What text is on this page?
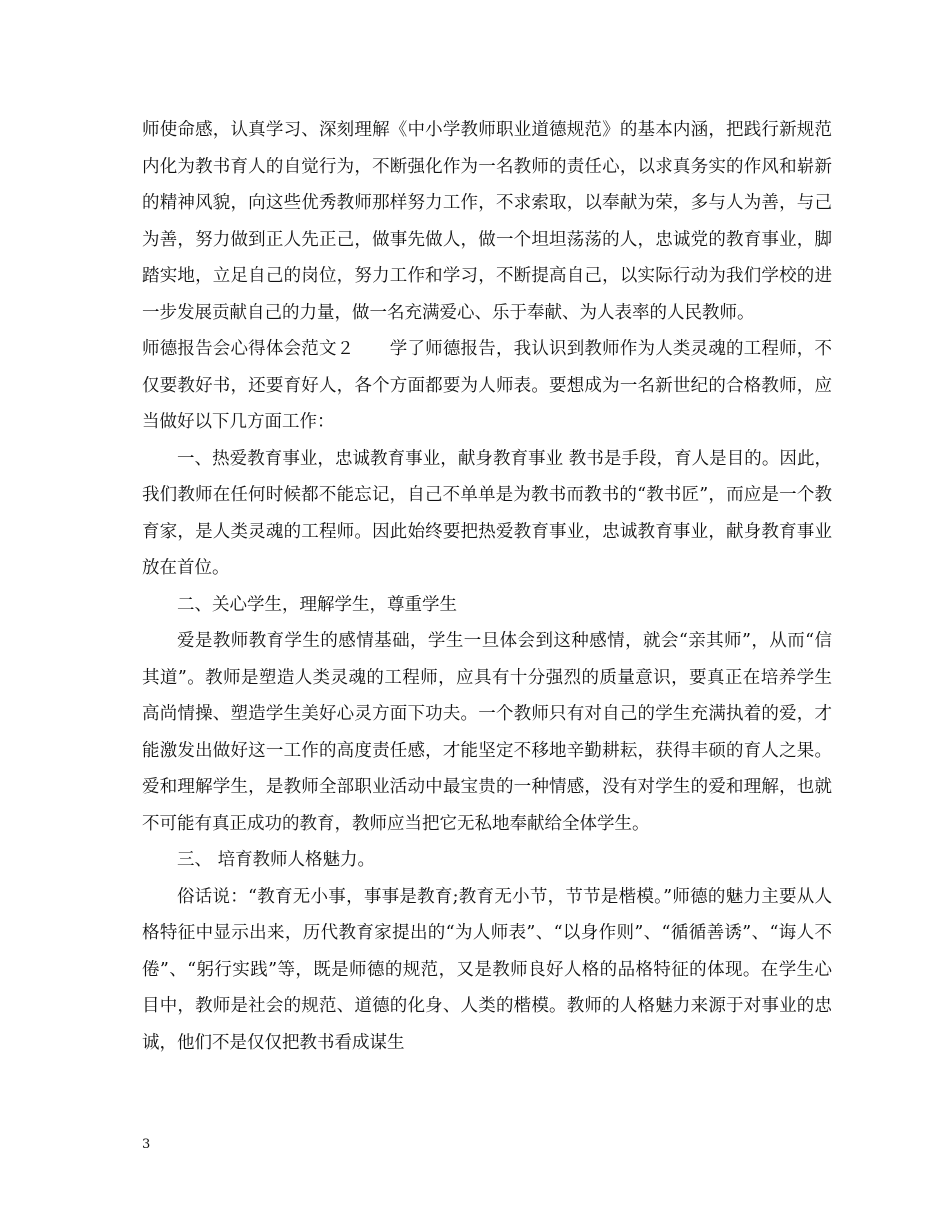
师使命感，认真学习、深刻理解《中小学教师职业道德规范》的基本内涵，把践行新规范内化为教书育人的自觉行为，不断强化作为一名教师的责任心，以求真务实的作风和崭新的精神风貌，向这些优秀教师那样努力工作，不求索取，以奉献为荣，多与人为善，与己为善，努力做到正人先正己，做事先做人，做一个坦坦荡荡的人，忠诚党的教育事业，脚踏实地，立足自己的岗位，努力工作和学习，不断提高自己，以实际行动为我们学校的进一步发展贡献自己的力量，做一名充满爱心、乐于奉献、为人表率的人民教师。

师德报告会心得体会范文２　　学了师德报告，我认识到教师作为人类灵魂的工程师，不仅要教好书，还要育好人，各个方面都要为人师表。要想成为一名新世纪的合格教师，应当做好以下几方面工作：

一、热爱教育事业，忠诚教育事业，献身教育事业 教书是手段，育人是目的。因此，我们教师在任何时候都不能忘记，自己不单单是为教书而教书的“教书匠”，而应是一个教育家，是人类灵魂的工程师。因此始终要把热爱教育事业，忠诚教育事业，献身教育事业放在首位。

二、关心学生，理解学生，尊重学生

爱是教师教育学生的感情基础，学生一旦体会到这种感情，就会“亲其师”，从而“信其道”。教师是塑造人类灵魂的工程师，应具有十分强烈的质量意识，要真正在培养学生高尚情操、塑造学生美好心灵方面下功夫。一个教师只有对自己的学生充满执着的爱，才能激发出做好这一工作的高度责任感，才能坚定不移地辛勤耕耘，获得丰硕的育人之果。爱和理解学生，是教师全部职业活动中最宝贵的一种情感，没有对学生的爱和理解，也就不可能有真正成功的教育，教师应当把它无私地奉献给全体学生。

三、 培育教师人格魅力。

俗话说：“教育无小事，事事是教育;教育无小节，节节是楷模。”师德的魅力主要从人格特征中显示出来，历代教育家提出的“为人师表”、“以身作则”、“循循善诱”、“诲人不倦”、“躬行实践”等，既是师德的规范，又是教师良好人格的品格特征的体现。在学生心目中，教师是社会的规范、道德的化身、人类的楷模。教师的人格魅力来源于对事业的忠诚，他们不是仅仅把教书看成谋生

3
